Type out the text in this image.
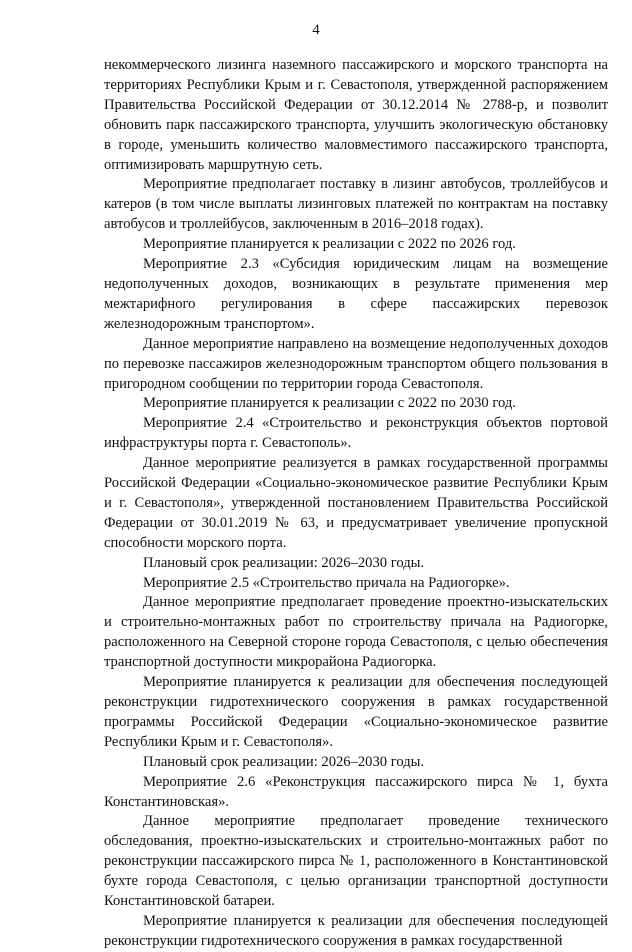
4

некоммерческого лизинга наземного пассажирского и морского транспорта на территориях Республики Крым и г. Севастополя, утвержденной распоряжением Правительства Российской Федерации от 30.12.2014 № 2788-р, и позволит обновить парк пассажирского транспорта, улучшить экологическую обстановку в городе, уменьшить количество маловместимого пассажирского транспорта, оптимизировать маршрутную сеть.

Мероприятие предполагает поставку в лизинг автобусов, троллейбусов и катеров (в том числе выплаты лизинговых платежей по контрактам на поставку автобусов и троллейбусов, заключенным в 2016–2018 годах).

Мероприятие планируется к реализации с 2022 по 2026 год.

Мероприятие 2.3 «Субсидия юридическим лицам на возмещение недополученных доходов, возникающих в результате применения мер межтарифного регулирования в сфере пассажирских перевозок железнодорожным транспортом».

Данное мероприятие направлено на возмещение недополученных доходов по перевозке пассажиров железнодорожным транспортом общего пользования в пригородном сообщении по территории города Севастополя.

Мероприятие планируется к реализации с 2022 по 2030 год.

Мероприятие 2.4 «Строительство и реконструкция объектов портовой инфраструктуры порта г. Севастополь».

Данное мероприятие реализуется в рамках государственной программы Российской Федерации «Социально-экономическое развитие Республики Крым и г. Севастополя», утвержденной постановлением Правительства Российской Федерации от 30.01.2019 № 63, и предусматривает увеличение пропускной способности морского порта.

Плановый срок реализации: 2026–2030 годы.

Мероприятие 2.5 «Строительство причала на Радиогорке».

Данное мероприятие предполагает проведение проектно-изыскательских и строительно-монтажных работ по строительству причала на Радиогорке, расположенного на Северной стороне города Севастополя, с целью обеспечения транспортной доступности микрорайона Радиогорка.

Мероприятие планируется к реализации для обеспечения последующей реконструкции гидротехнического сооружения в рамках государственной программы Российской Федерации «Социально-экономическое развитие Республики Крым и г. Севастополя».

Плановый срок реализации: 2026–2030 годы.

Мероприятие 2.6 «Реконструкция пассажирского пирса № 1, бухта Константиновская».

Данное мероприятие предполагает проведение технического обследования, проектно-изыскательских и строительно-монтажных работ по реконструкции пассажирского пирса № 1, расположенного в Константиновской бухте города Севастополя, с целью организации транспортной доступности Константиновской батареи.

Мероприятие планируется к реализации для обеспечения последующей реконструкции гидротехнического сооружения в рамках государственной
